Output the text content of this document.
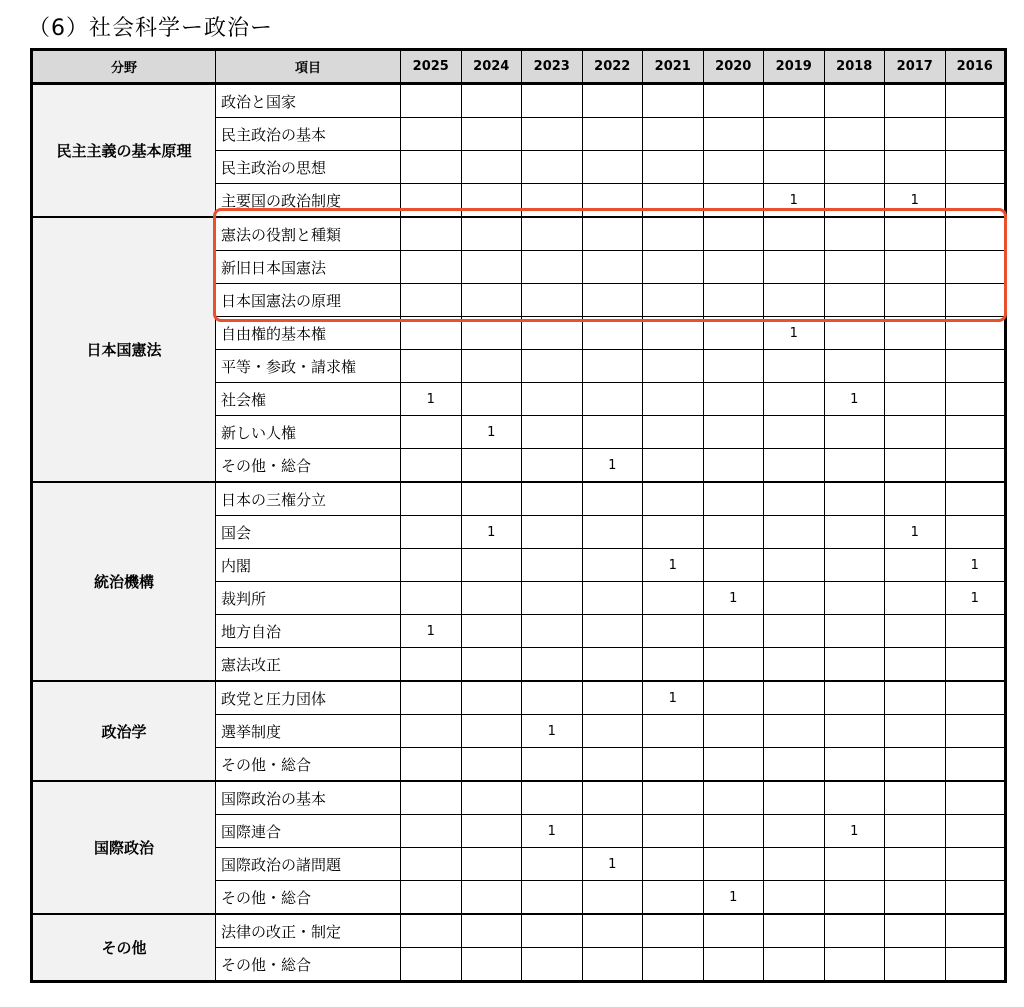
（6）社会科学ー政治ー
分野	項目	2025	2024	2023	2022	2021	2020	2019	2018	2017	2016
民主主義の基本原理	政治と国家										
	民主政治の基本										
	民主政治の思想										
	主要国の政治制度							1		1	
日本国憲法	憲法の役割と種類										
	新旧日本国憲法										
	日本国憲法の原理										
	自由権的基本権							1			
	平等・参政・請求権										
	社会権	1							1		
	新しい人権		1								
	その他・総合				1						
統治機構	日本の三権分立										
	国会		1							1	
	内閣					1					1
	裁判所						1				1
	地方自治	1									
	憲法改正										
政治学	政党と圧力団体					1					
	選挙制度			1							
	その他・総合										
国際政治	国際政治の基本										
	国際連合			1					1		
	国際政治の諸問題				1						
	その他・総合						1				
その他	法律の改正・制定										
	その他・総合										
